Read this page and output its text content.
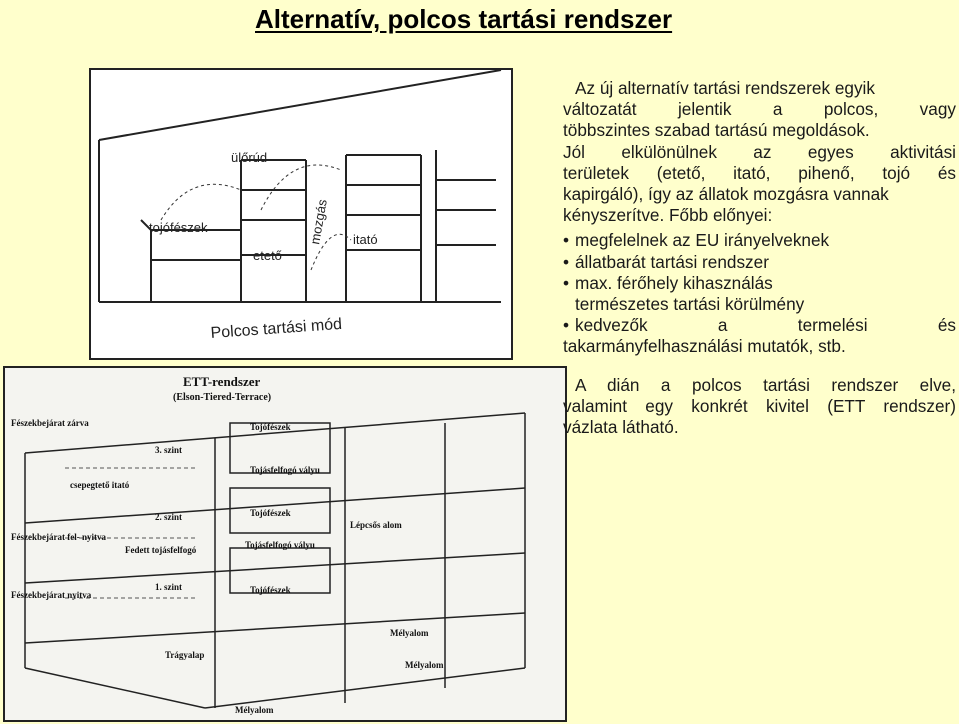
Alternatív, polcos tartási rendszer
ülőrúd
tojófészek	mozgás
etető
itató
Polcos tartási mód
ETT-rendszer
(Elson-Tiered-Terrace)
Fészekbejárat zárva
3. szint
csepegtető itató
2. szint
Fészekbejárat fel- nyitva
Fedett tojásfelfogó
1. szint
Fészekbejárat nyitva
Tojófészek
Tojásfelfogó vályu
Tojófészek
Lépcsős alom
Tojásfelfogó vályu
Tojófészek
Trágyalap
Mélyalom
Mélyalom
Mélyalom

Az új alternatív tartási rendszerek egyik

változatát jelentik a polcos, vagy

többszintes szabad tartású megoldások.

Jól elkülönülnek az egyes aktivitási

területek (etető, itató, pihenő, tojó és

kapirgáló), így az állatok mozgásra vannak

kényszerítve. Főbb előnyei:

• megfelelnek az EU irányelveknek
• állatbarát tartási rendszer
• max. férőhely kihasználás
természetes tartási körülmény
• kedvezők a termelési és
takarmányfelhasználási mutatók, stb.

A dián a polcos tartási rendszer elve,

valamint egy konkrét kivitel (ETT rendszer)

vázlata látható.
